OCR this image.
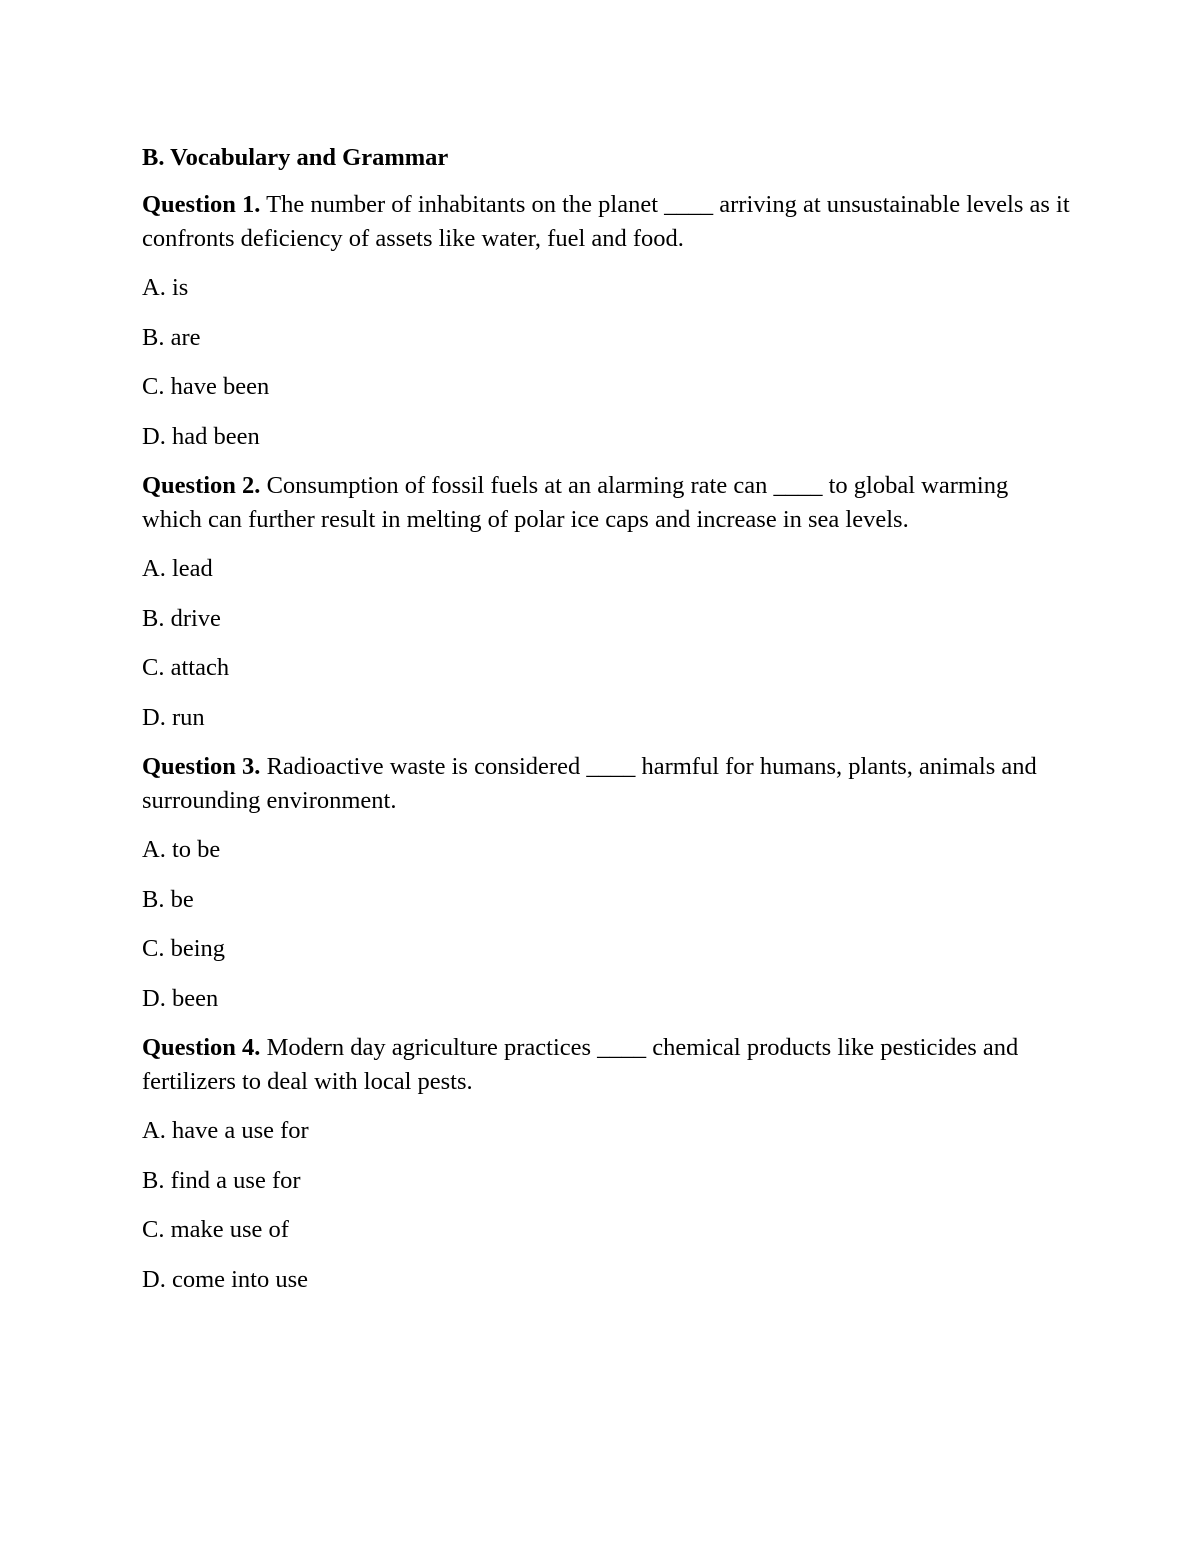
B. Vocabulary and Grammar

Question 1. The number of inhabitants on the planet ____ arriving at unsustainable levels as it confronts deficiency of assets like water, fuel and food.

A. is

B. are

C. have been

D. had been

Question 2. Consumption of fossil fuels at an alarming rate can ____ to global warming which can further result in melting of polar ice caps and increase in sea levels.

A. lead

B. drive

C. attach

D. run

Question 3. Radioactive waste is considered ____ harmful for humans, plants, animals and surrounding environment.

A. to be

B. be

C. being

D. been

Question 4. Modern day agriculture practices ____ chemical products like pesticides and fertilizers to deal with local pests.

A. have a use for

B. find a use for

C. make use of

D. come into use
